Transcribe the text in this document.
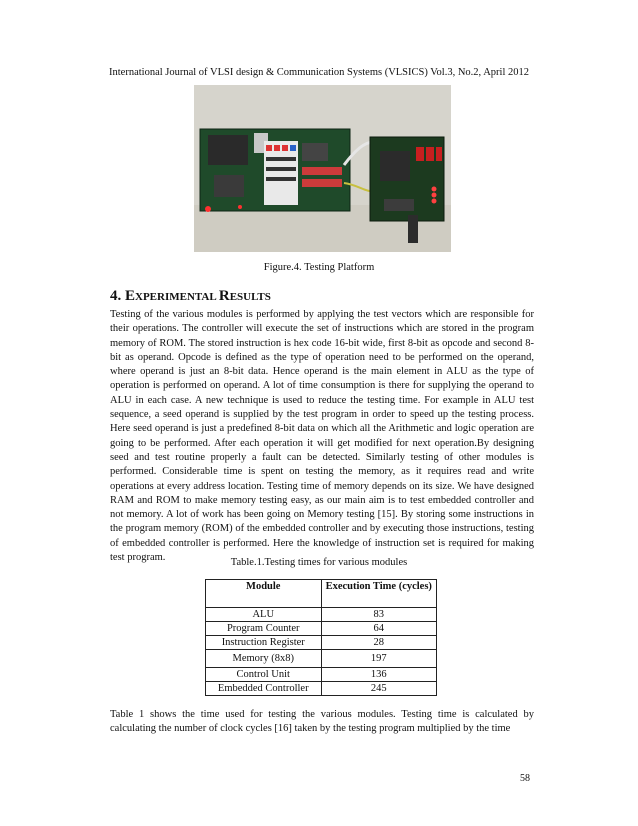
International Journal of VLSI design & Communication Systems (VLSICS) Vol.3, No.2, April 2012
Figure.4. Testing Platform
4. EXPERIMENTAL RESULTS

Testing of the various modules is performed by applying the test vectors which are responsible for their operations. The controller will execute the set of instructions which are stored in the program memory of ROM. The stored instruction is hex code 16-bit wide, first 8-bit as opcode and second 8-bit as operand. Opcode is defined as the type of operation need to be performed on the operand, where operand is just an 8-bit data. Hence operand is the main element in ALU as the type of operation is performed on operand. A lot of time consumption is there for supplying the operand to ALU in each case. A new technique is used to reduce the testing time. For example in ALU test sequence, a seed operand is supplied by the test program in order to speed up the testing process. Here seed operand is just a predefined 8-bit data on which all the Arithmetic and logic operation are going to be performed. After each operation it will get modified for next operation.By designing seed and test routine properly a fault can be detected. Similarly testing of other modules is performed. Considerable time is spent on testing the memory, as it requires read and write operations at every address location. Testing time of memory depends on its size. We have designed RAM and ROM to make memory testing easy, as our main aim is to test embedded controller and not memory. A lot of work has been going on Memory testing [15]. By storing some instructions in the program memory (ROM) of the embedded controller and by executing those instructions, testing of embedded controller is performed. Here the knowledge of instruction set is required for making test program.	Table.1.Testing times for various modules
Module	Execution Time (cycles)
ALU	83
Program Counter	64
Instruction Register	28
Memory (8x8)	197
Control Unit	136
Embedded Controller	245

Table 1 shows the time used for testing the various modules. Testing time is calculated by calculating the number of clock cycles [16] taken by the testing program multiplied by the time

58
